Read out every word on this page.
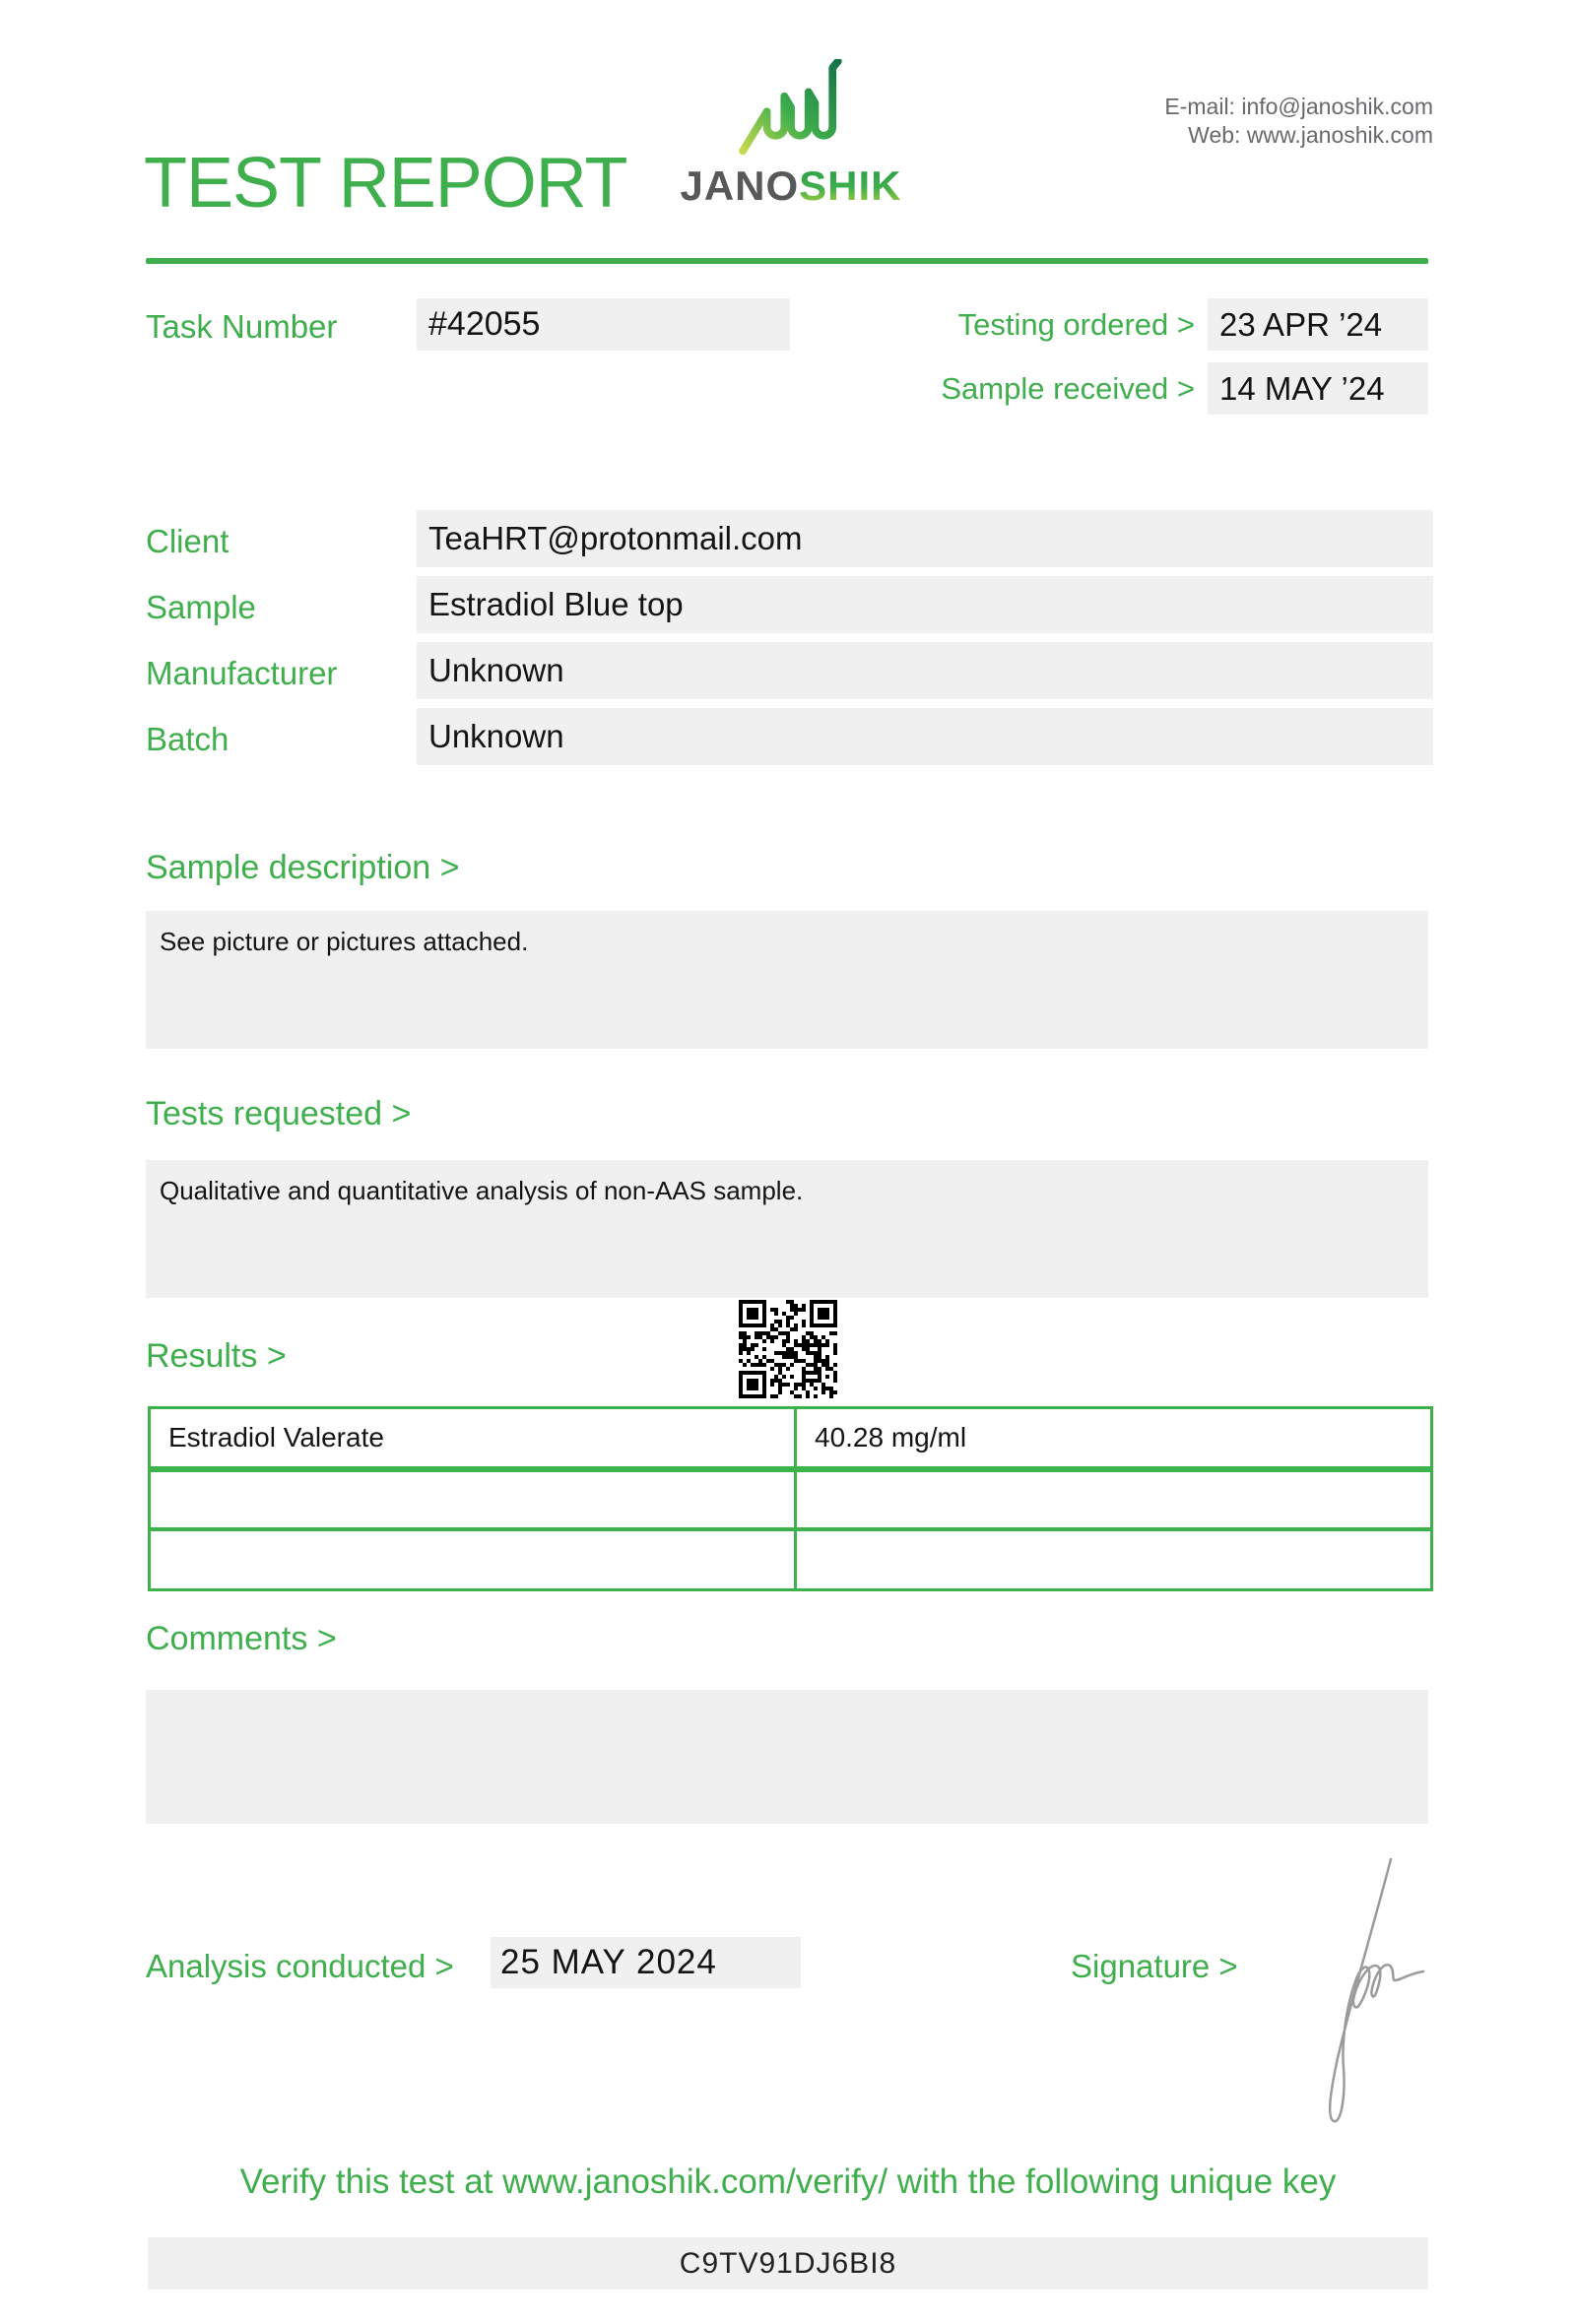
TEST REPORT JANOSHIK
E-mail: info@janoshik.com
Web: www.janoshik.com
Task Number	#42055	Testing ordered > 23 APR ’24
Sample received > 14 MAY ’24
Client	TeaHRT@protonmail.com
Sample	Estradiol Blue top
Manufacturer	Unknown
Batch	Unknown
Sample description >
See picture or pictures attached.
Tests requested >
Qualitative and quantitative analysis of non-AAS sample.
Results >
Estradiol Valerate	40.28 mg/ml
Comments >
Analysis conducted > 25 MAY 2024	Signature >
Verify this test at www.janoshik.com/verify/ with the following unique key
C9TV91DJ6BI8
